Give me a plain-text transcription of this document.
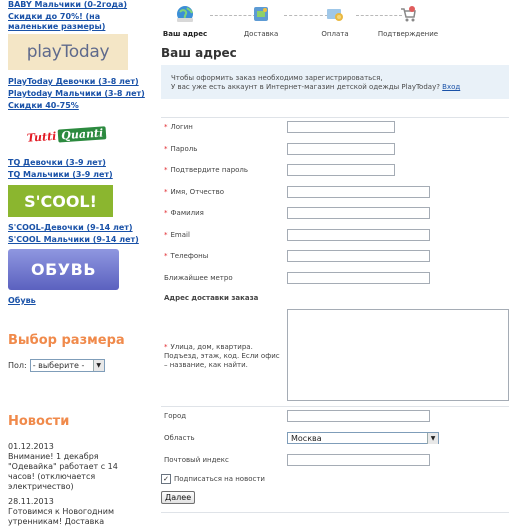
BABY Мальчики (0-2года)
Скидки до 70%! (на
маленькие размеры)
playToday
PlayToday Девочки (3-8 лет)
Playtoday Мальчики (3-8 лет)
Скидки 40-75%
Tutti Quanti
TQ Девочки (3-9 лет)
TQ Мальчики (3-9 лет)
S'COOL!
S'COOL-Девочки (9-14 лет)
S'COOL Мальчики (9-14 лет)
ОБУВЬ
Обувь
Выбор размера
Пол: - выберите -	▼
Новости
01.12.2013
Внимание! 1 декабря "Одевайка" работает с 14 часов! (отключается электричество)
28.11.2013
Готовимся к Новогодним утренникам! Доставка
Ваш адрес	Доставка	Оплата	Подтверждение
Ваш адрес
Чтобы оформить заказ необходимо зарегистрироваться,
У вас уже есть аккаунт в Интернет-магазин детской одежды PlayToday? Вход
* Логин
* Пароль
* Подтвердите пароль
* Имя, Отчество
* Фамилия
* Email
* Телефоны
Ближайшее метро
Адрес доставки заказа
* Улица, дом, квартира. Подъезд, этаж, код. Если офис – название, как найти.
Город
Область	Москва	▼
Почтовый индекс
✓ Подписаться на новости
Далее
